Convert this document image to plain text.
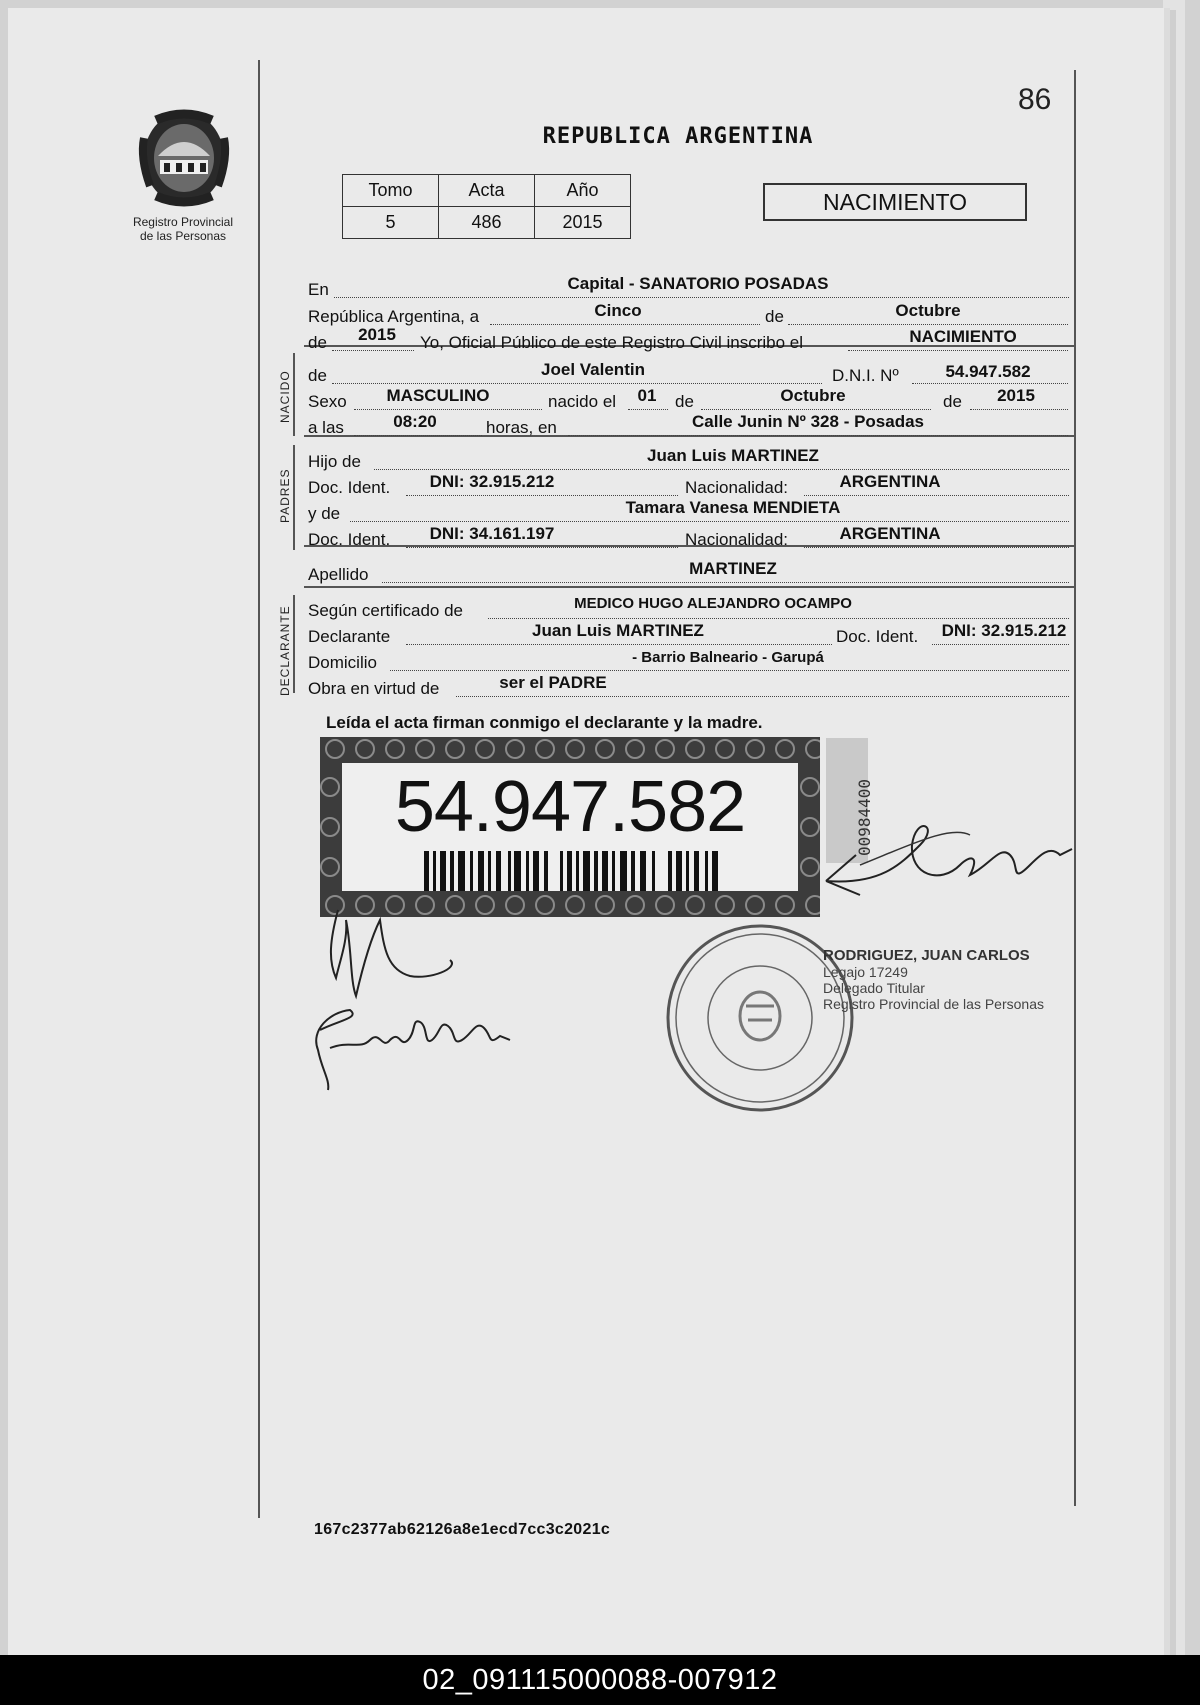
Registro Provincial
de las Personas
86
REPUBLICA ARGENTINA
Tomo	Acta	Año
5	486	2015
NACIMIENTO
En	Capital - SANATORIO POSADAS
República Argentina, a	Cinco	de	Octubre
de	2015	Yo, Oficial Público de este Registro Civil inscribo el	NACIMIENTO
NACIDO de	Joel Valentin	D.N.I. Nº	54.947.582
Sexo	MASCULINO	nacido el	01	de	Octubre	de	2015
a las	08:20	horas, en	Calle Junin Nº 328 - Posadas
PADRES
Hijo de	Juan Luis MARTINEZ
Doc. Ident.	DNI: 32.915.212	Nacionalidad:	ARGENTINA
y de	Tamara Vanesa MENDIETA
Doc. Ident.	DNI: 34.161.197	Nacionalidad:	ARGENTINA
Apellido	MARTINEZ
DECLARANTE Según certificado de	MEDICO HUGO ALEJANDRO OCAMPO
Declarante	Juan Luis MARTINEZ	Doc. Ident.	DNI: 32.915.212
Domicilio	- Barrio Balneario - Garupá
Obra en virtud de	ser el PADRE
Leída el acta firman conmigo el declarante y la madre.
167c2377ab62126a8e1ecd7cc3c2021c
54.947.582	00984400
RODRIGUEZ, JUAN CARLOS
Legajo 17249
Delegado Titular
Registro Provincial de las Personas
02_091115000088-007912
